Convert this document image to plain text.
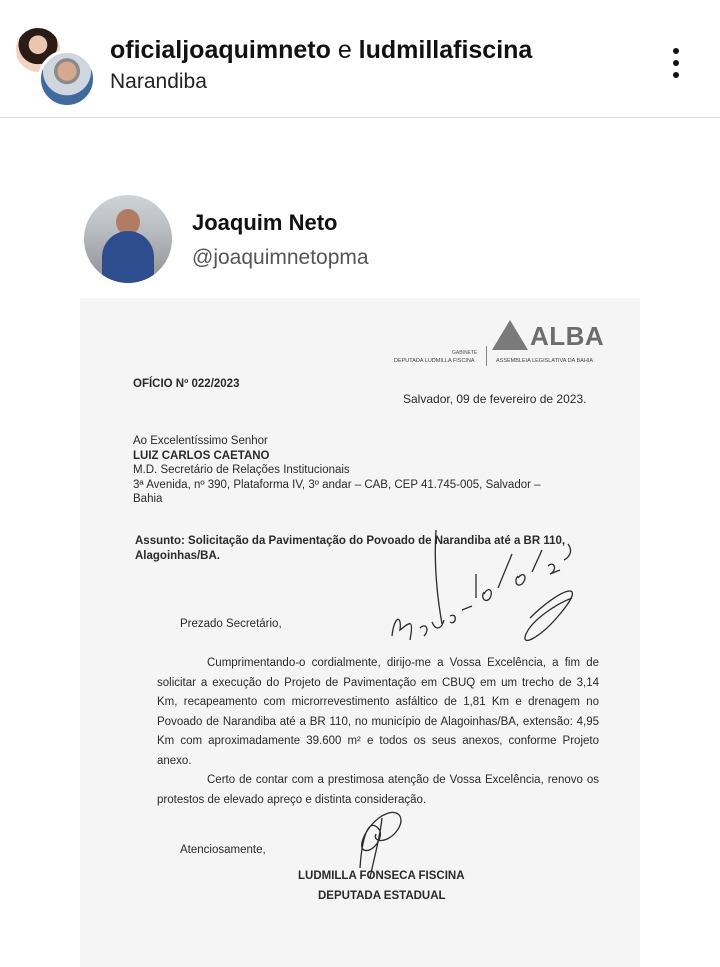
oficialjoaquimneto e ludmillafiscina
Narandiba
Joaquim Neto
@joaquimnetopma
ALBA
GABINETE
DEPUTADA LUDMILLA FISCINA	ASSEMBLEIA LEGISLATIVA DA BAHIA
OFÍCIO Nº 022/2023
Salvador, 09 de fevereiro de 2023.
Ao Excelentíssimo Senhor
LUIZ CARLOS CAETANO
M.D. Secretário de Relações Institucionais
3ª Avenida, nº 390, Plataforma IV, 3º andar – CAB, CEP 41.745-005, Salvador –
Bahia
Assunto: Solicitação da Pavimentação do Povoado de Narandiba até a BR 110, Alagoinhas/BA.
Prezado Secretário,

Cumprimentando-o cordialmente, dirijo-me a Vossa Excelência, a fim de solicitar a execução do Projeto de Pavimentação em CBUQ em um trecho de 3,14 Km, recapeamento com microrrevestimento asfáltico de 1,81 Km e drenagem no Povoado de Narandiba até a BR 110, no município de Alagoinhas/BA, extensão: 4,95 Km com aproximadamente 39.600 m² e todos os seus anexos, conforme Projeto anexo.

Certo de contar com a prestimosa atenção de Vossa Excelência, renovo os protestos de elevado apreço e distinta consideração.

Atenciosamente,
LUDMILLA FONSECA FISCINA
DEPUTADA ESTADUAL
